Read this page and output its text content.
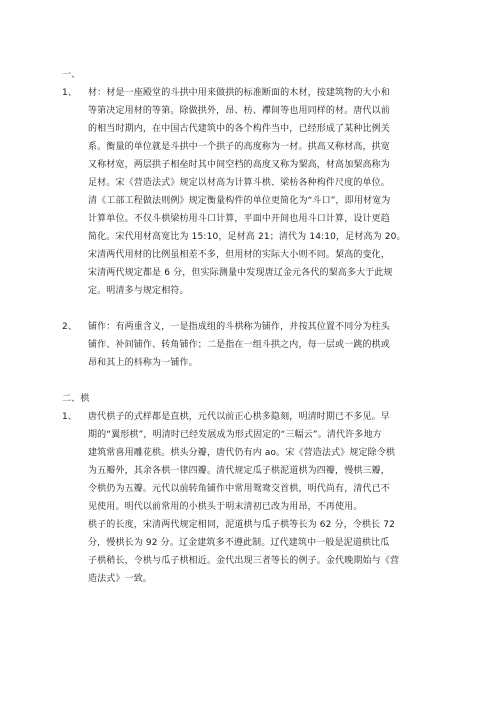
一、

1、 材：材是一座殿堂的斗拱中用来做拱的标准断面的木材，按建筑物的大小和
等第决定用材的等第。除做拱外，昂、枋、襻间等也用同样的材。唐代以前
的相当时期内，在中国古代建筑中的各个构件当中，已经形成了某种比例关
系。衡量的单位就是斗拱中一个拱子的高度称为一材。拱高又称材高，拱宽
又称材宽，两层拱子相垒时其中间空档的高度又称为栔高，材高加栔高称为
足材。宋《营造法式》规定以材高为计算斗栱、梁枋各种构件尺度的单位。
清《工部工程做法则例》规定衡量构件的单位更简化为“斗口”，即用材宽为
计算单位。不仅斗栱梁枋用斗口计算，平面中开间也用斗口计算，设计更趋
简化。宋代用材高宽比为 15:10，足材高 21；清代为 14:10，足材高为 20。
宋清两代用材的比例虽相差不多，但用材的实际大小则不同。栔高的变化，
宋清两代规定都是 6 分，但实际测量中发现唐辽金元各代的栔高多大于此规
定。明清多与规定相符。
2、 铺作：有两重含义，一是指成组的斗栱称为铺作，并按其位置不同分为柱头
铺作、补间铺作、转角铺作；二是指在一组斗拱之内，每一层或一跳的栱或
昂和其上的枓称为一铺作。

二、栱

1、 唐代栱子的式样都是直栱，元代以前正心栱多隐刻，明清时期已不多见。早
期的“翼形栱”，明清时已经发展成为形式固定的“三幅云”。清代许多地方
建筑常喜用雕花栱。栱头分瓣，唐代仍有内 ao。宋《营造法式》规定除令栱
为五瓣外，其余各栱一律四瓣。清代规定瓜子栱泥道栱为四瓣，慢栱三瓣，
令栱仍为五瓣。元代以前转角铺作中常用鸳鸯交首栱，明代尚有，清代已不
见使用。明代以前常用的小栱头于明末清初已改为用昂，不再使用。
栱子的长度，宋清两代规定相同，泥道栱与瓜子栱等长为 62 分，令栱长 72
分，慢栱长为 92 分。辽金建筑多不遵此制。辽代建筑中一般是泥道栱比瓜
子栱稍长，令栱与瓜子栱相近。金代出现三者等长的例子。金代晚期始与《营
造法式》一致。
